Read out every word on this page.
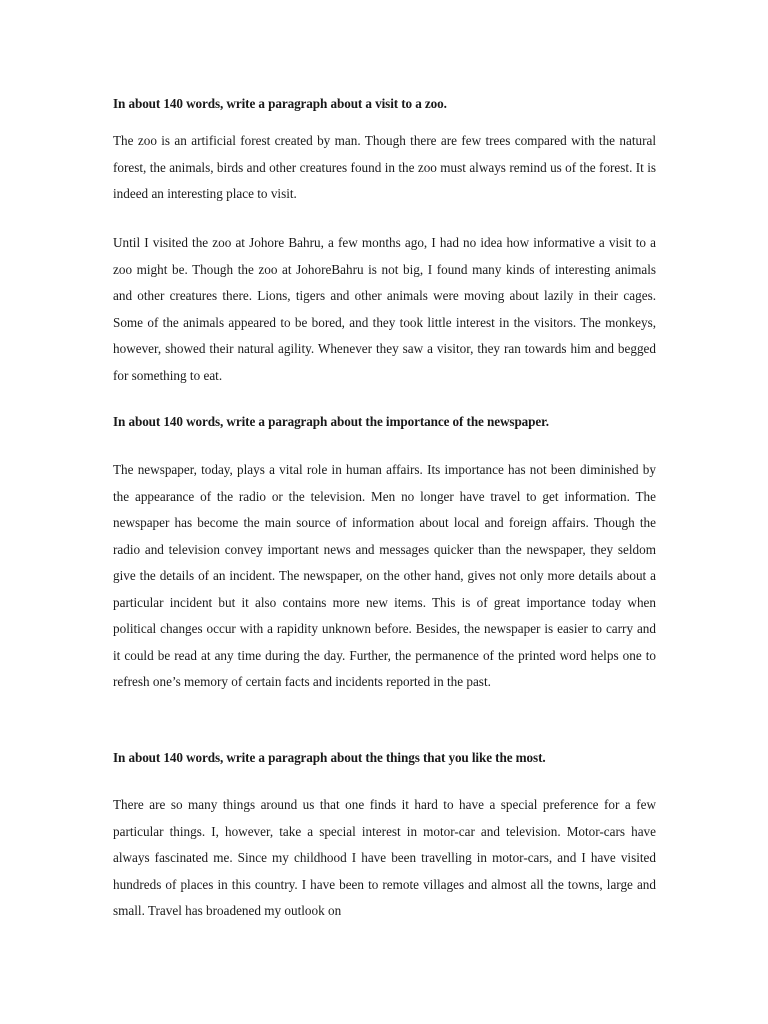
In about 140 words, write a paragraph about a visit to a zoo.

The zoo is an artificial forest created by man. Though there are few trees compared with the natural forest, the animals, birds and other creatures found in the zoo must always remind us of the forest. It is indeed an interesting place to visit.

Until I visited the zoo at Johore Bahru, a few months ago, I had no idea how informative a visit to a zoo might be. Though the zoo at JohoreBahru is not big, I found many kinds of interesting animals and other creatures there. Lions, tigers and other animals were moving about lazily in their cages. Some of the animals appeared to be bored, and they took little interest in the visitors. The monkeys, however, showed their natural agility. Whenever they saw a visitor, they ran towards him and begged for something to eat.

In about 140 words, write a paragraph about the importance of the newspaper.

The newspaper, today, plays a vital role in human affairs. Its importance has not been diminished by the appearance of the radio or the television. Men no longer have travel to get information. The newspaper has become the main source of information about local and foreign affairs. Though the radio and television convey important news and messages quicker than the newspaper, they seldom give the details of an incident. The newspaper, on the other hand, gives not only more details about a particular incident but it also contains more new items. This is of great importance today when political changes occur with a rapidity unknown before. Besides, the newspaper is easier to carry and it could be read at any time during the day. Further, the permanence of the printed word helps one to refresh one’s memory of certain facts and incidents reported in the past.

In about 140 words, write a paragraph about the things that you like the most.

There are so many things around us that one finds it hard to have a special preference for a few particular things. I, however, take a special interest in motor-car and television. Motor-cars have always fascinated me. Since my childhood I have been travelling in motor-cars, and I have visited hundreds of places in this country. I have been to remote villages and almost all the towns, large and small. Travel has broadened my outlook on
